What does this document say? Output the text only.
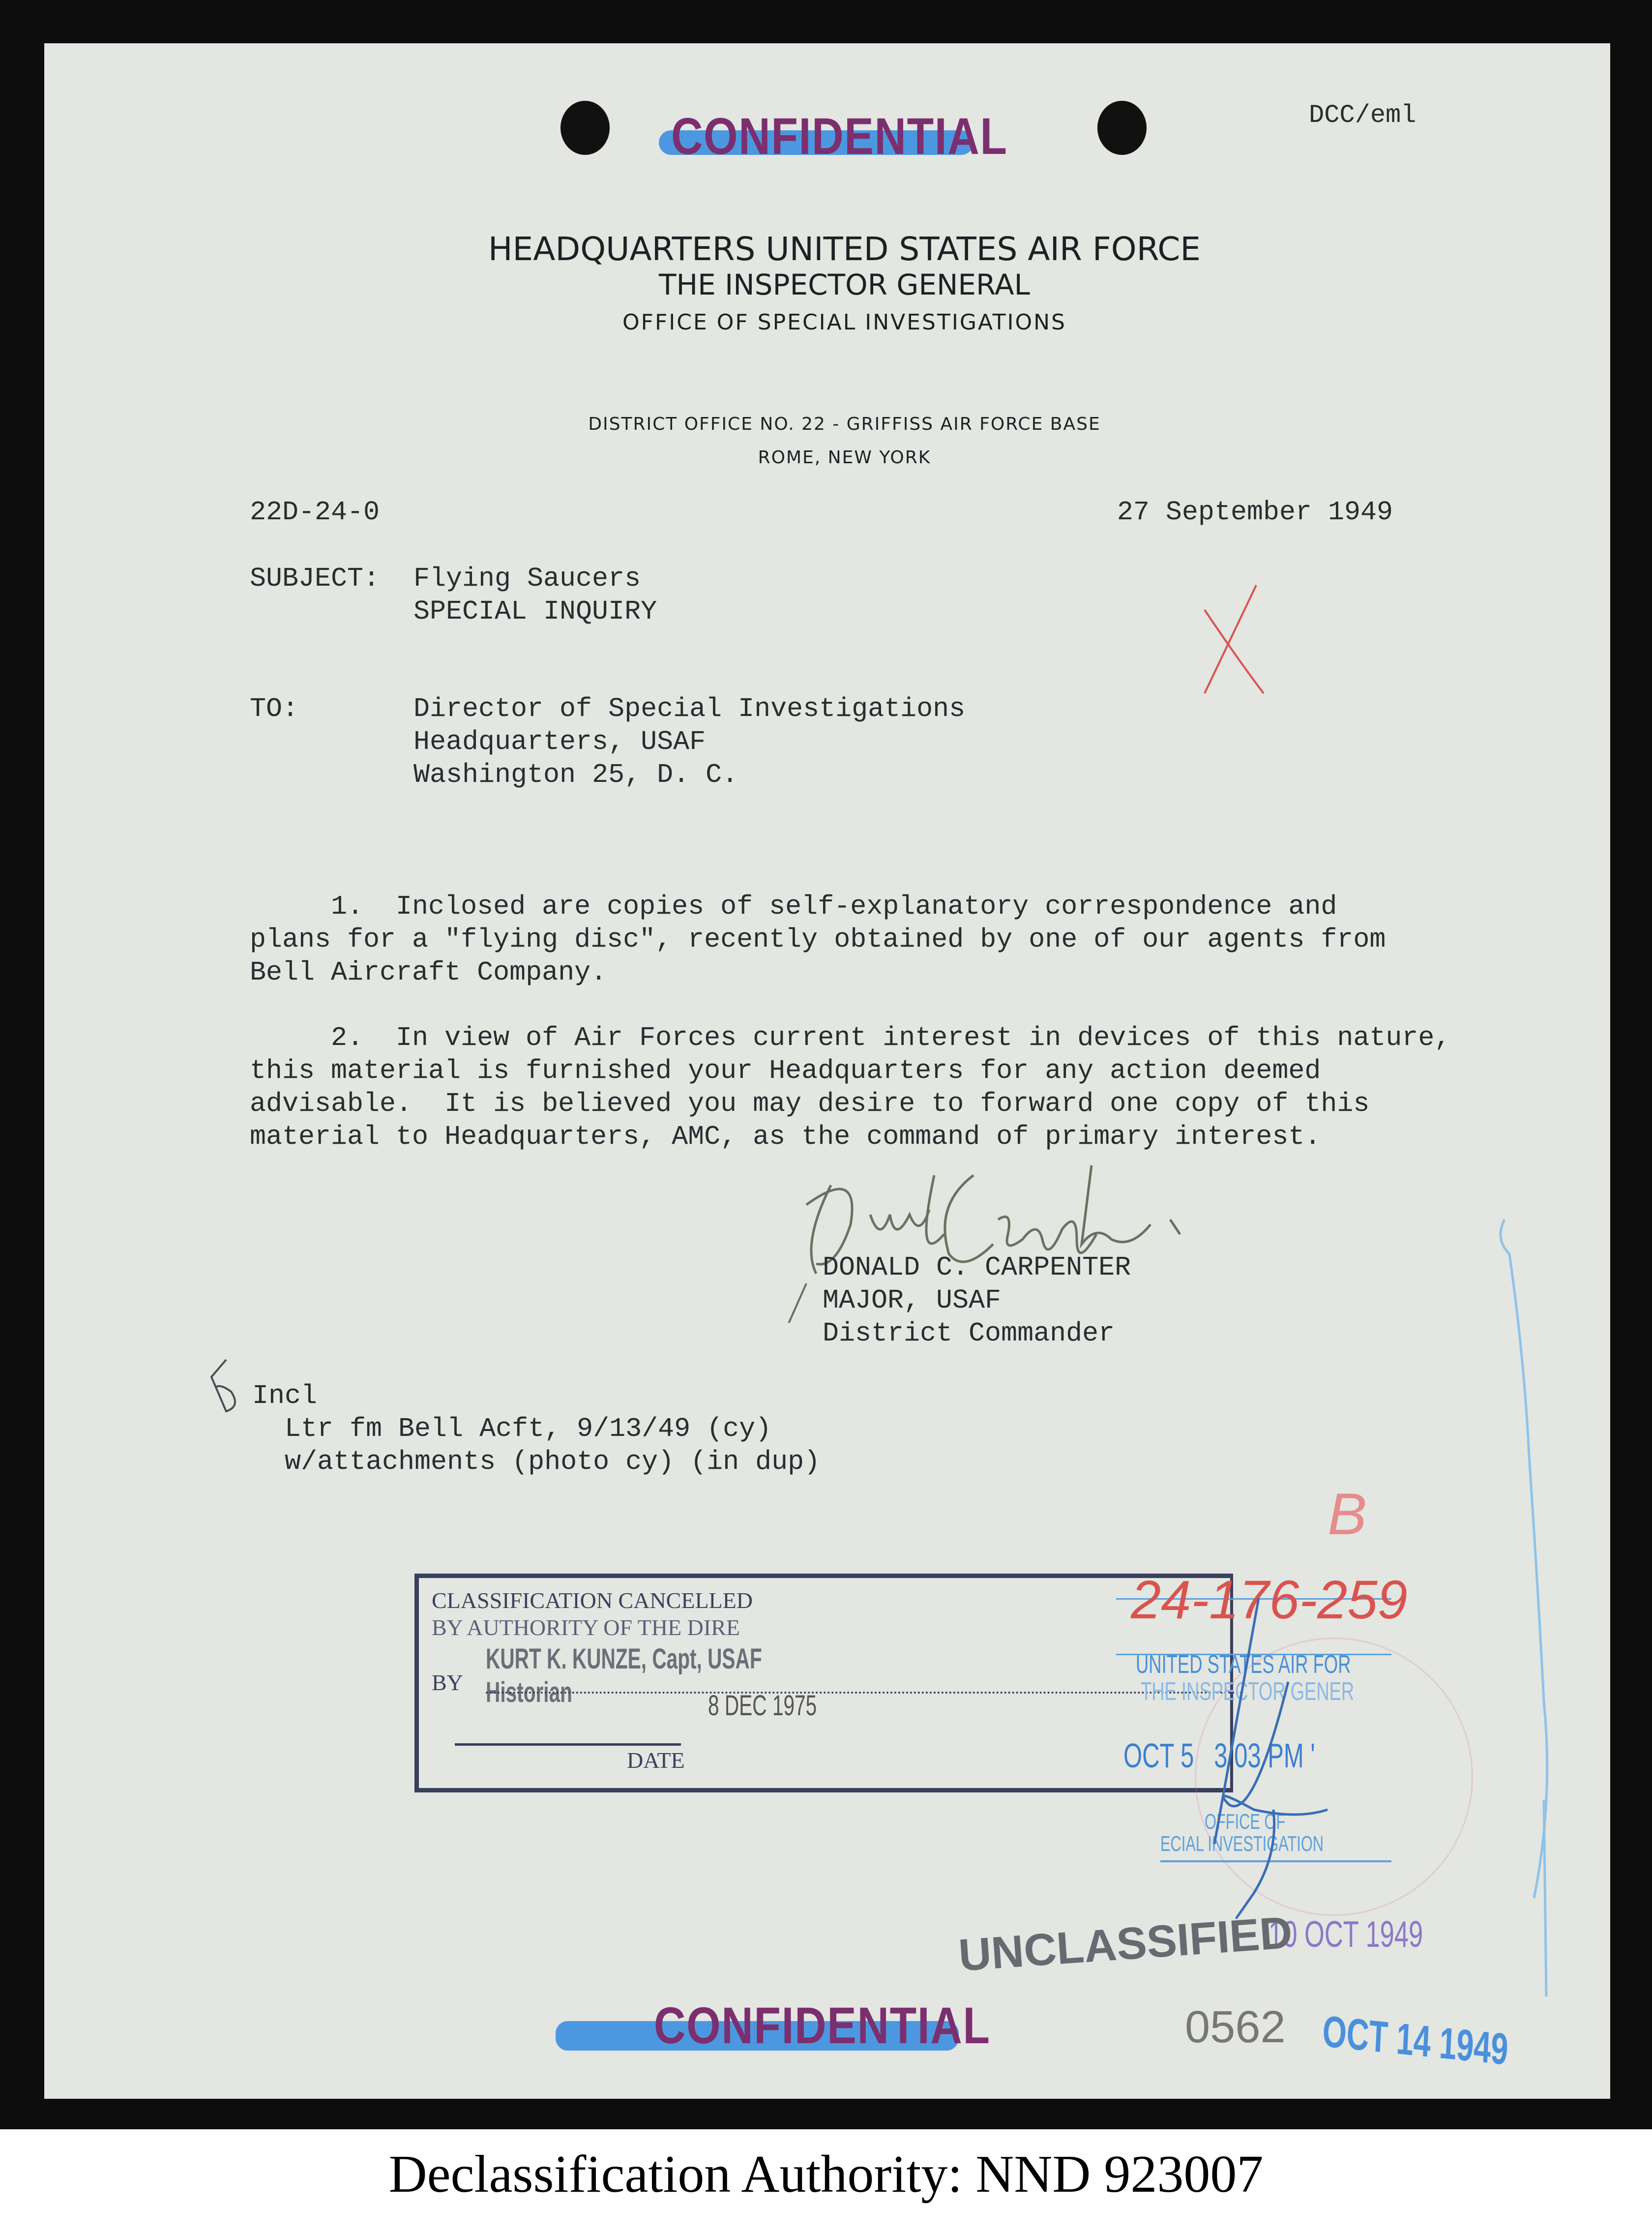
CONFIDENTIAL	DCC/eml
HEADQUARTERS UNITED STATES AIR FORCE
THE INSPECTOR GENERAL
OFFICE OF SPECIAL INVESTIGATIONS
DISTRICT OFFICE NO. 22 - GRIFFISS AIR FORCE BASE
ROME, NEW YORK
22D-24-0	27 September 1949
SUBJECT: Flying Saucers
SPECIAL INQUIRY
TO:	Director of Special Investigations
Headquarters, USAF
Washington 25, D. C.
1.  Inclosed are copies of self-explanatory correspondence and
plans for a "flying disc", recently obtained by one of our agents from
Bell Aircraft Company.
2.  In view of Air Forces current interest in devices of this nature,
this material is furnished your Headquarters for any action deemed
advisable.  It is believed you may desire to forward one copy of this
material to Headquarters, AMC, as the command of primary interest.
DONALD C. CARPENTER
MAJOR, USAF
District Commander
Incl
Ltr fm Bell Acft, 9/13/49 (cy)
w/attachments (photo cy) (in dup)
CLASSIFICATION CANCELLED
BY AUTHORITY OF THE DIRE
BY
KURT K. KUNZE, Capt, USAF
Historian	8 DEC 1975
DATE
UNITED STATES AIR FOR
THE INSPECTOR GENER
OCT 5   3 03 PM '
OFFICE OF
ECIAL INVESTIGATION
10 OCT 1949
24-176-259
B
UNCLASSIFIED
CONFIDENTIAL	0562 OCT 14 1949
Declassification Authority: NND 923007
